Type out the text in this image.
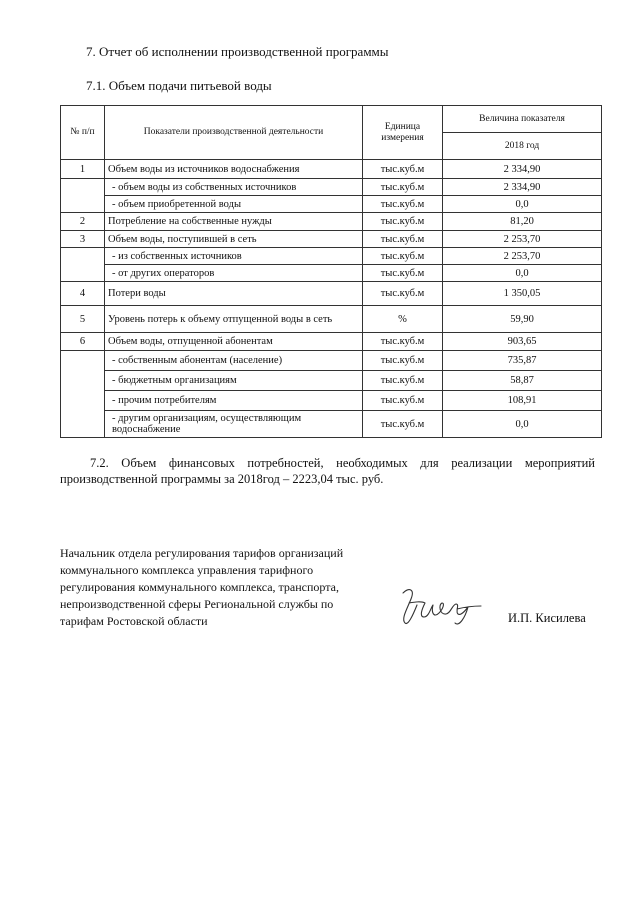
7. Отчет об исполнении производственной программы
7.1. Объем подачи питьевой воды
№ п/п	Показатели производственной деятельности	Единица измерения	Величина показателя
			2018 год
1	Объем воды из источников водоснабжения	тыс.куб.м	2 334,90
	- объем воды из собственных источников	тыс.куб.м	2 334,90
	- объем приобретенной воды	тыс.куб.м	0,0
2	Потребление на собственные нужды	тыс.куб.м	81,20
3	Объем воды, поступившей в сеть	тыс.куб.м	2 253,70
	- из собственных источников	тыс.куб.м	2 253,70
	- от других операторов	тыс.куб.м	0,0
4	Потери воды	тыс.куб.м	1 350,05
5	Уровень потерь к объему отпущенной воды в сеть	%	59,90
6	Объем воды, отпущенной абонентам	тыс.куб.м	903,65
	- собственным абонентам (население)	тыс.куб.м	735,87
	- бюджетным организациям	тыс.куб.м	58,87
	- прочим потребителям	тыс.куб.м	108,91
	- другим организациям, осуществляющим водоснабжение	тыс.куб.м	0,0
7.2. Объем финансовых потребностей, необходимых для реализации мероприятий производственной программы за 2018год – 2223,04 тыс. руб.
Начальник отдела регулирования тарифов организаций
коммунального комплекса управления тарифного
регулирования коммунального комплекса, транспорта,
непроизводственной сферы Региональной службы по
тарифам Ростовской области	И.П. Кисилева
